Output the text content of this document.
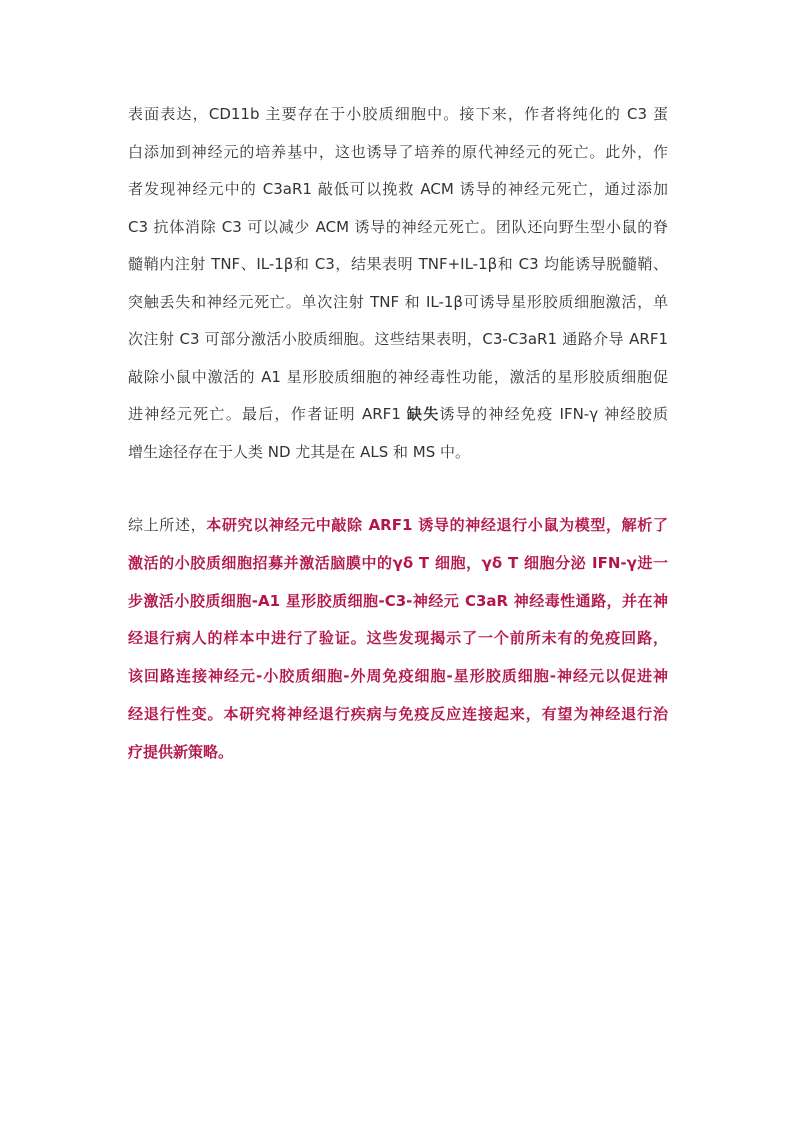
表面表达，CD11b 主要存在于小胶质细胞中。接下来，作者将纯化的 C3 蛋
白添加到神经元的培养基中，这也诱导了培养的原代神经元的死亡。此外，作
者发现神经元中的 C3aR1 敲低可以挽救 ACM 诱导的神经元死亡，通过添加
C3 抗体消除 C3 可以减少 ACM 诱导的神经元死亡。团队还向野生型小鼠的脊
髓鞘内注射 TNF、IL-1β和 C3，结果表明 TNF+IL-1β和 C3 均能诱导脱髓鞘、
突触丢失和神经元死亡。单次注射 TNF 和 IL-1β可诱导星形胶质细胞激活，单
次注射 C3 可部分激活小胶质细胞。这些结果表明，C3-C3aR1 通路介导 ARF1
敲除小鼠中激活的 A1 星形胶质细胞的神经毒性功能，激活的星形胶质细胞促
进神经元死亡。最后，作者证明 ARF1 缺失诱导的神经免疫 IFN-γ 神经胶质
增生途径存在于人类 ND 尤其是在 ALS 和 MS 中。
综上所述，本研究以神经元中敲除 ARF1 诱导的神经退行小鼠为模型，解析了
激活的小胶质细胞招募并激活脑膜中的γδ T 细胞，γδ T 细胞分泌 IFN-γ进一
步激活小胶质细胞-A1 星形胶质细胞-C3-神经元 C3aR 神经毒性通路，并在神
经退行病人的样本中进行了验证。这些发现揭示了一个前所未有的免疫回路，
该回路连接神经元-小胶质细胞-外周免疫细胞-星形胶质细胞-神经元以促进神
经退行性变。本研究将神经退行疾病与免疫反应连接起来，有望为神经退行治
疗提供新策略。
